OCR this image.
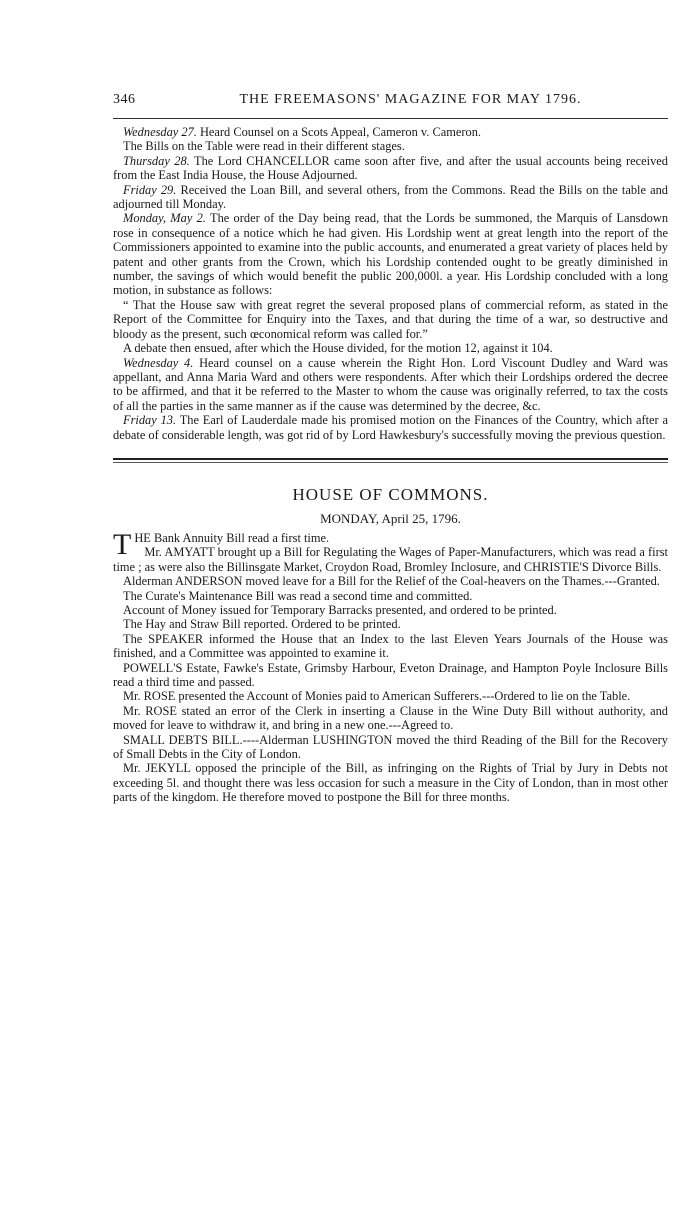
346	THE FREEMASONS' MAGAZINE FOR MAY 1796.

Wednesday 27. Heard Counsel on a Scots Appeal, Cameron v. Cameron.

The Bills on the Table were read in their different stages.

Thursday 28. The Lord CHANCELLOR came soon after five, and after the usual accounts being received from the East India House, the House Adjourned.

Friday 29. Received the Loan Bill, and several others, from the Commons. Read the Bills on the table and adjourned till Monday.

Monday, May 2. The order of the Day being read, that the Lords be summoned, the Marquis of Lansdown rose in consequence of a notice which he had given. His Lordship went at great length into the report of the Commissioners appointed to examine into the public accounts, and enumerated a great variety of places held by patent and other grants from the Crown, which his Lordship contended ought to be greatly diminished in number, the savings of which would benefit the public 200,000l. a year. His Lordship concluded with a long motion, in substance as follows:

“ That the House saw with great regret the several proposed plans of commercial reform, as stated in the Report of the Committee for Enquiry into the Taxes, and that during the time of a war, so destructive and bloody as the present, such œconomical reform was called for.”

A debate then ensued, after which the House divided, for the motion 12, against it 104.

Wednesday 4. Heard counsel on a cause wherein the Right Hon. Lord Viscount Dudley and Ward was appellant, and Anna Maria Ward and others were respondents. After which their Lordships ordered the decree to be affirmed, and that it be referred to the Master to whom the cause was originally referred, to tax the costs of all the parties in the same manner as if the cause was determined by the decree, &c.

Friday 13. The Earl of Lauderdale made his promised motion on the Finances of the Country, which after a debate of considerable length, was got rid of by Lord Hawkesbury's successfully moving the previous question.

HOUSE OF COMMONS.
MONDAY, April 25, 1796.

THE Bank Annuity Bill read a first time.

Mr. AMYATT brought up a Bill for Regulating the Wages of Paper-Manufacturers, which was read a first time ; as were also the Billinsgate Market, Croydon Road, Bromley Inclosure, and CHRISTIE'S Divorce Bills.

Alderman ANDERSON moved leave for a Bill for the Relief of the Coal-heavers on the Thames.---Granted.

The Curate's Maintenance Bill was read a second time and committed.

Account of Money issued for Temporary Barracks presented, and ordered to be printed.

The Hay and Straw Bill reported. Ordered to be printed.

The SPEAKER informed the House that an Index to the last Eleven Years Journals of the House was finished, and a Committee was appointed to examine it.

POWELL'S Estate, Fawke's Estate, Grimsby Harbour, Eveton Drainage, and Hampton Poyle Inclosure Bills read a third time and passed.

Mr. ROSE presented the Account of Monies paid to American Sufferers.---Ordered to lie on the Table.

Mr. ROSE stated an error of the Clerk in inserting a Clause in the Wine Duty Bill without authority, and moved for leave to withdraw it, and bring in a new one.---Agreed to.

SMALL DEBTS BILL.----Alderman LUSHINGTON moved the third Reading of the Bill for the Recovery of Small Debts in the City of London.

Mr. JEKYLL opposed the principle of the Bill, as infringing on the Rights of Trial by Jury in Debts not exceeding 5l. and thought there was less occasion for such a measure in the City of London, than in most other parts of the kingdom. He therefore moved to postpone the Bill for three months.
